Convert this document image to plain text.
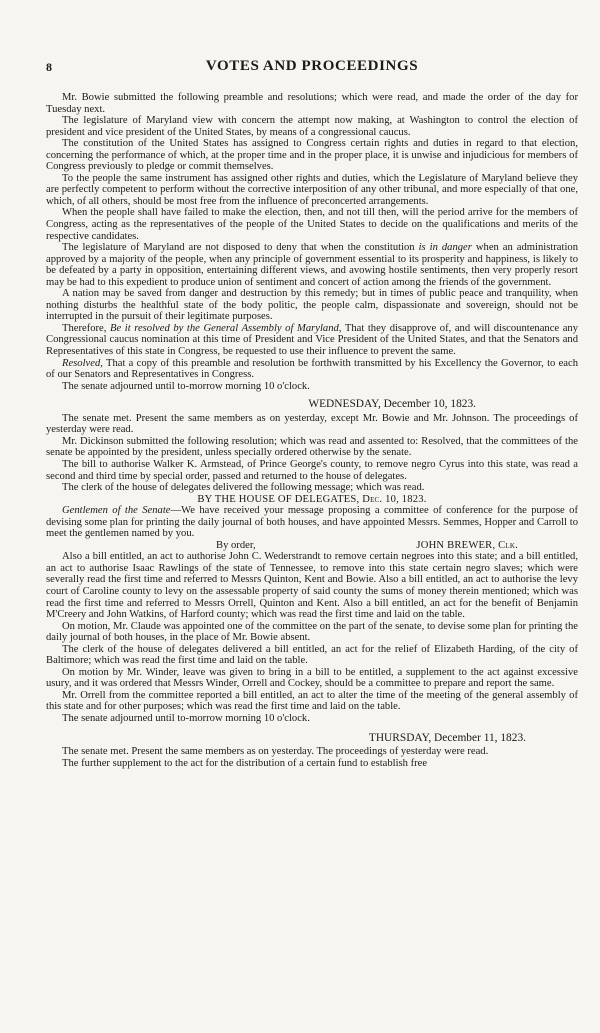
8	VOTES AND PROCEEDINGS

Mr. Bowie submitted the following preamble and resolutions; which were read, and made the order of the day for Tuesday next.

The legislature of Maryland view with concern the attempt now making, at Washington to control the election of president and vice president of the United States, by means of a congressional caucus.

The constitution of the United States has assigned to Congress certain rights and duties in regard to that election, concerning the performance of which, at the proper time and in the proper place, it is unwise and injudicious for members of Congress previously to pledge or commit themselves.

To the people the same instrument has assigned other rights and duties, which the Legislature of Maryland believe they are perfectly competent to perform without the corrective interposition of any other tribunal, and more especially of that one, which, of all others, should be most free from the influence of preconcerted arrangements.

When the people shall have failed to make the election, then, and not till then, will the period arrive for the members of Congress, acting as the representatives of the people of the United States to decide on the qualifications and merits of the respective candidates.

The legislature of Maryland are not disposed to deny that when the constitution is in danger when an administration approved by a majority of the people, when any principle of government essential to its prosperity and happiness, is likely to be defeated by a party in opposition, entertaining different views, and avowing hostile sentiments, then very properly resort may be had to this expedient to produce union of sentiment and concert of action among the friends of the government.

A nation may be saved from danger and destruction by this remedy; but in times of public peace and tranquility, when nothing disturbs the healthful state of the body politic, the people calm, dispassionate and sovereign, should not be interrupted in the pursuit of their legitimate purposes.

Therefore, Be it resolved by the General Assembly of Maryland, That they disapprove of, and will discountenance any Congressional caucus nomination at this time of President and Vice President of the United States, and that the Senators and Representatives of this state in Congress, be requested to use their influence to prevent the same.

Resolved, That a copy of this preamble and resolution be forthwith transmitted by his Excellency the Governor, to each of our Senators and Representatives in Congress.

The senate adjourned until to-morrow morning 10 o'clock.

WEDNESDAY, December 10, 1823.

The senate met. Present the same members as on yesterday, except Mr. Bowie and Mr. Johnson. The proceedings of yesterday were read.

Mr. Dickinson submitted the following resolution; which was read and assented to: Resolved, that the committees of the senate be appointed by the president, unless specially ordered otherwise by the senate.

The bill to authorise Walker K. Armstead, of Prince George's county, to remove negro Cyrus into this state, was read a second and third time by special order, passed and returned to the house of delegates.

The clerk of the house of delegates delivered the following message; which was read.

BY THE HOUSE OF DELEGATES, Dec. 10, 1823.

Gentlemen of the Senate—We have received your message proposing a committee of conference for the purpose of devising some plan for printing the daily journal of both houses, and have appointed Messrs. Semmes, Hopper and Carroll to meet the gentlemen named by you.

By order,	JOHN BREWER, Clk.

Also a bill entitled, an act to authorise John C. Wederstrandt to remove certain negroes into this state; and a bill entitled, an act to authorise Isaac Rawlings of the state of Tennessee, to remove into this state certain negro slaves; which were severally read the first time and referred to Messrs Quinton, Kent and Bowie. Also a bill entitled, an act to authorise the levy court of Caroline county to levy on the assessable property of said county the sums of money therein mentioned; which was read the first time and referred to Messrs Orrell, Quinton and Kent. Also a bill entitled, an act for the benefit of Benjamin M'Creery and John Watkins, of Harford county; which was read the first time and laid on the table.

On motion, Mr. Claude was appointed one of the committee on the part of the senate, to devise some plan for printing the daily journal of both houses, in the place of Mr. Bowie absent.

The clerk of the house of delegates delivered a bill entitled, an act for the relief of Elizabeth Harding, of the city of Baltimore; which was read the first time and laid on the table.

On motion by Mr. Winder, leave was given to bring in a bill to be entitled, a supplement to the act against excessive usury, and it was ordered that Messrs Winder, Orrell and Cockey, should be a committee to prepare and report the same.

Mr. Orrell from the committee reported a bill entitled, an act to alter the time of the meeting of the general assembly of this state and for other purposes; which was read the first time and laid on the table.

The senate adjourned until to-morrow morning 10 o'clock.

THURSDAY, December 11, 1823.

The senate met. Present the same members as on yesterday. The proceedings of yesterday were read.

The further supplement to the act for the distribution of a certain fund to establish free
